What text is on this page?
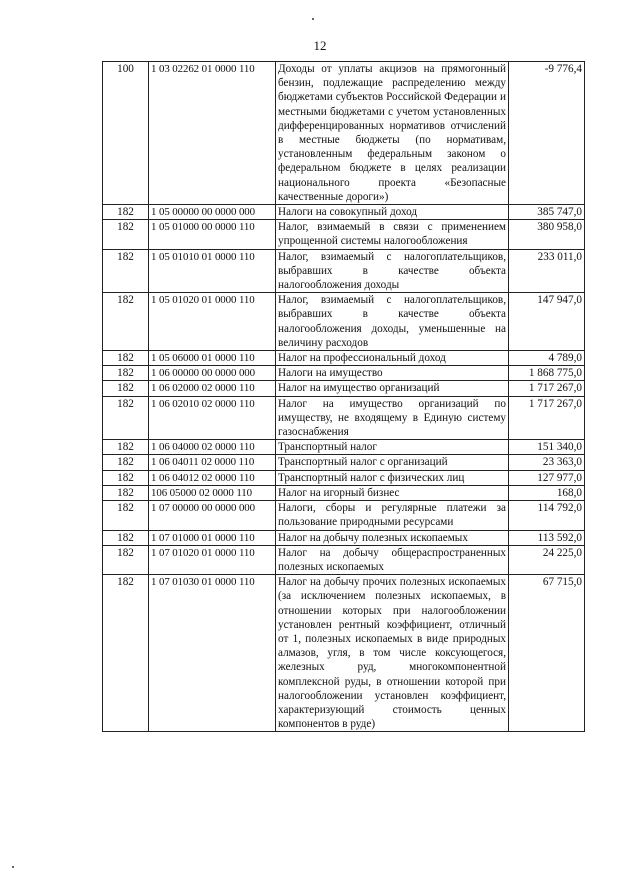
12
100	1 03 02262 01 0000 110	Доходы от уплаты акцизов на прямогонный бензин, подлежащие распределению между бюджетами субъектов Российской Федерации и местными бюджетами с учетом установленных дифференцированных нормативов отчислений в местные бюджеты (по нормативам, установленным федеральным законом о федеральном бюджете в целях реализации национального проекта «Безопасные качественные дороги»)	-9 776,4
182	1 05 00000 00 0000 000	Налоги на совокупный доход	385 747,0
182	1 05 01000 00 0000 110	Налог, взимаемый в связи с применением упрощенной системы налогообложения	380 958,0
182	1 05 01010 01 0000 110	Налог, взимаемый с налогоплательщиков, выбравших в качестве объекта налогообложения доходы	233 011,0
182	1 05 01020 01 0000 110	Налог, взимаемый с налогоплательщиков, выбравших в качестве объекта налогообложения доходы, уменьшенные на величину расходов	147 947,0
182	1 05 06000 01 0000 110	Налог на профессиональный доход	4 789,0
182	1 06 00000 00 0000 000	Налоги на имущество	1 868 775,0
182	1 06 02000 02 0000 110	Налог на имущество организаций	1 717 267,0
182	1 06 02010 02 0000 110	Налог на имущество организаций по имуществу, не входящему в Единую систему газоснабжения	1 717 267,0
182	1 06 04000 02 0000 110	Транспортный налог	151 340,0
182	1 06 04011 02 0000 110	Транспортный налог с организаций	23 363,0
182	1 06 04012 02 0000 110	Транспортный налог с физических лиц	127 977,0
182	106 05000 02 0000 110	Налог на игорный бизнес	168,0
182	1 07 00000 00 0000 000	Налоги, сборы и регулярные платежи за пользование природными ресурсами	114 792,0
182	1 07 01000 01 0000 110	Налог на добычу полезных ископаемых	113 592,0
182	1 07 01020 01 0000 110	Налог на добычу общераспространенных полезных ископаемых	24 225,0
182	1 07 01030 01 0000 110	Налог на добычу прочих полезных ископаемых (за исключением полезных ископаемых, в отношении которых при налогообложении установлен рентный коэффициент, отличный от 1, полезных ископаемых в виде природных алмазов, угля, в том числе коксующегося, железных руд, многокомпонентной комплексной руды, в отношении которой при налогообложении установлен коэффициент, характеризующий стоимость ценных компонентов в руде)	67 715,0
